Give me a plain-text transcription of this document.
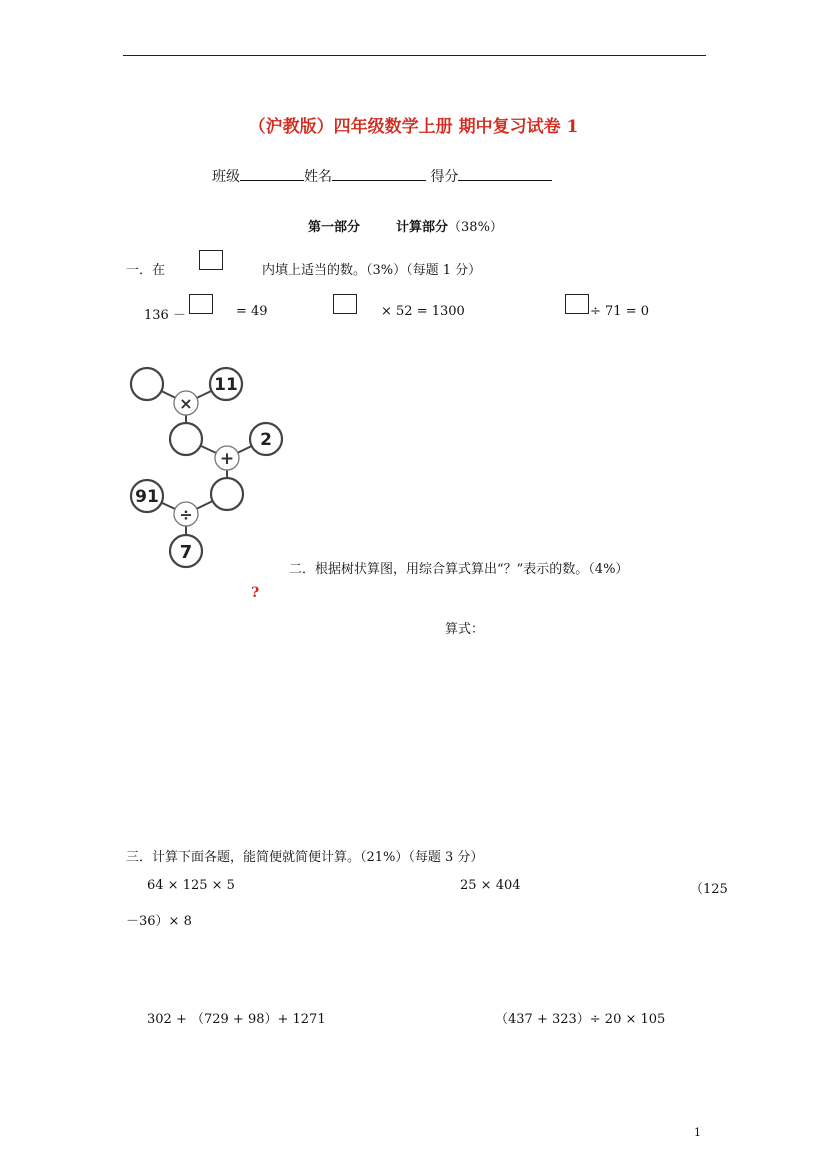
（沪教版）四年级数学上册 期中复习试卷 1
班级	姓名	得分
第一部分	计算部分（38%）
一．在	内填上适当的数。（3%）（每题 1 分）
136 －	= 49	× 52 = 1300	÷ 71 = 0
11
2
91
7
×
+
÷
二．根据树状算图，用综合算式算出“？”表示的数。（4%）
?
算式：
三．计算下面各题，能简便就简便计算。（21%）（每题 3 分）
64 × 125 × 5	25 × 404	（125
－36）× 8
302 + （729 + 98）+ 1271	（437 + 323）÷ 20 × 105
1
